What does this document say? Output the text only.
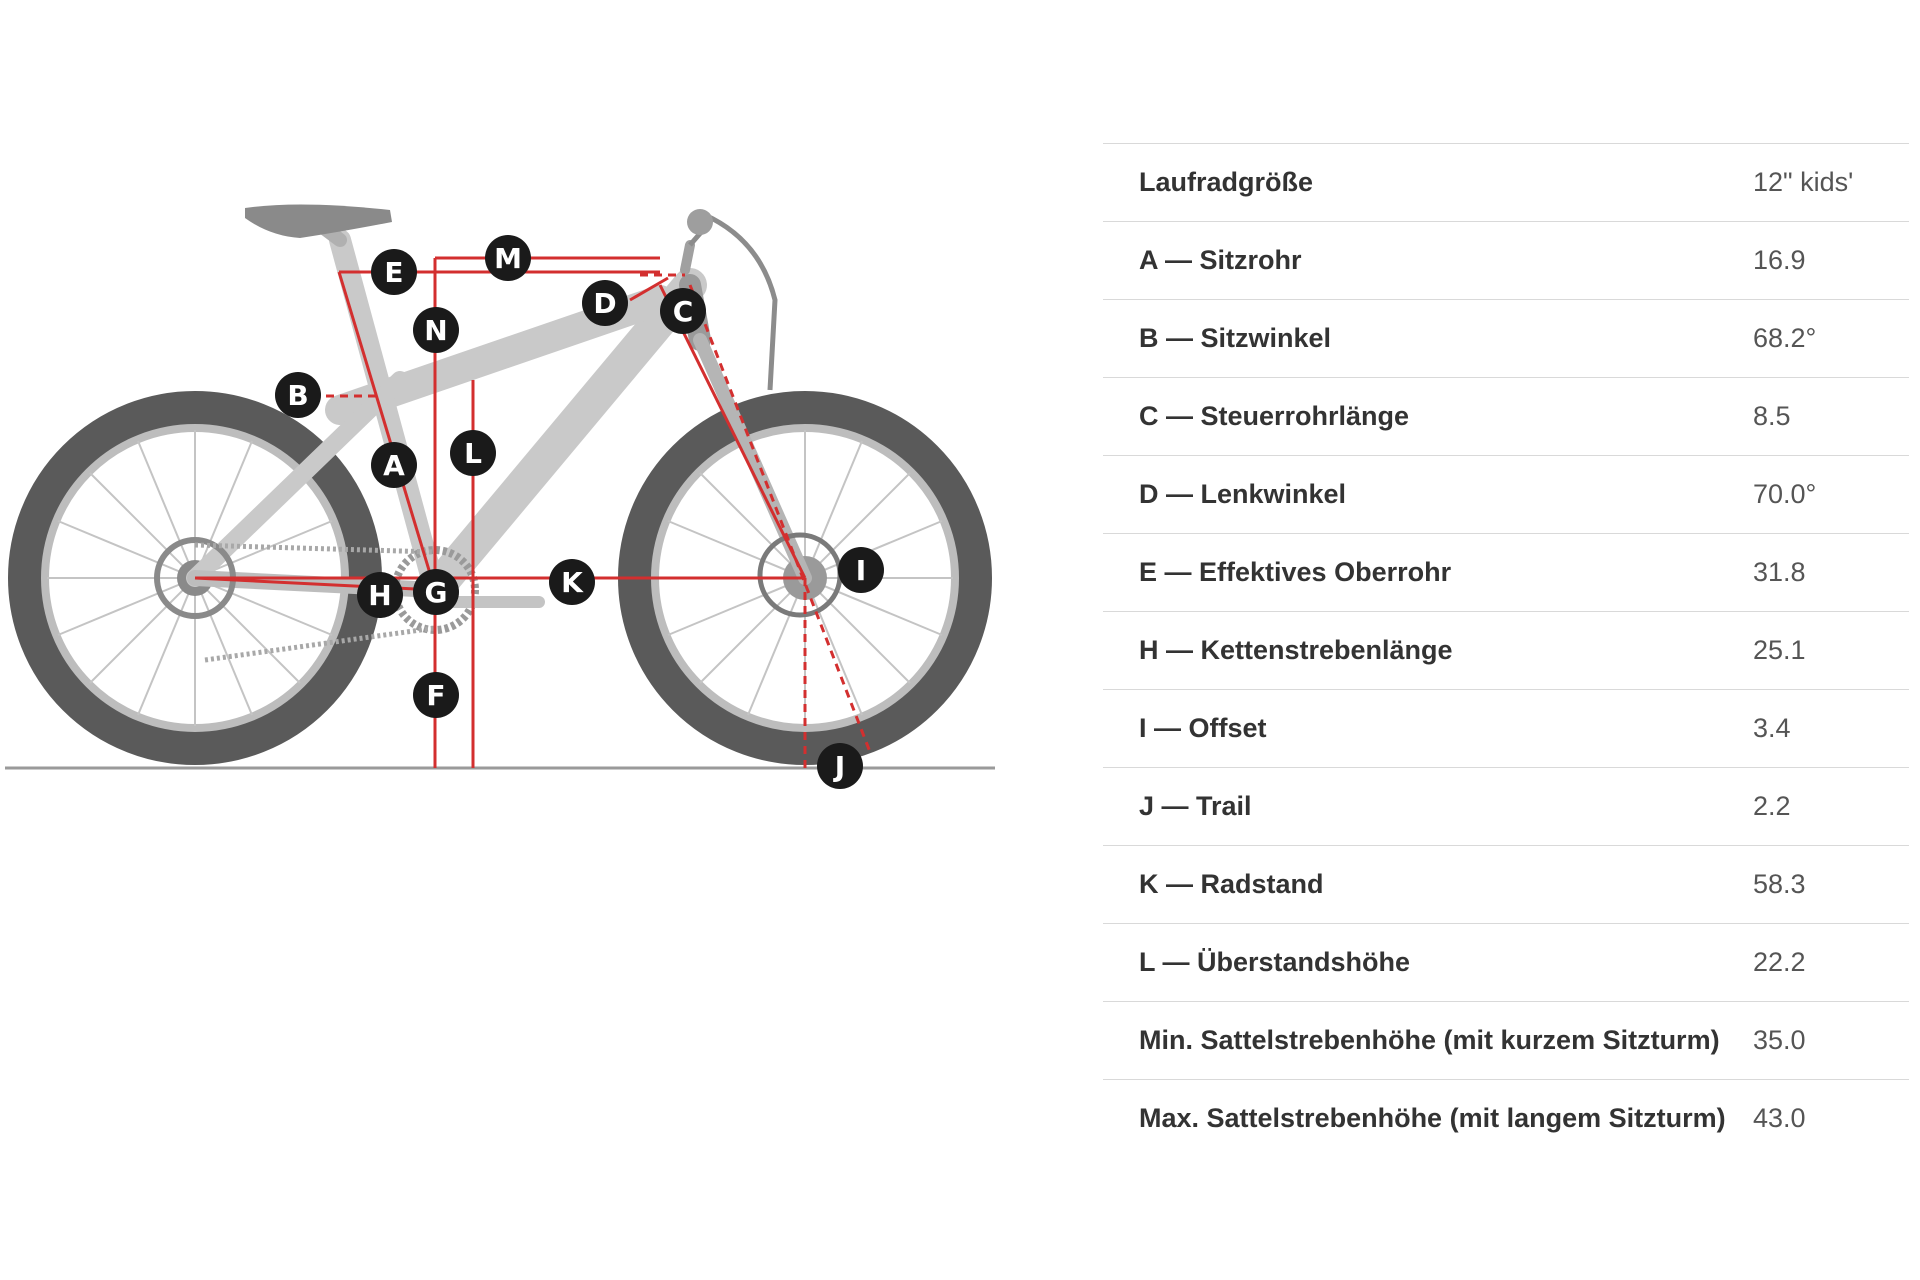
A
B
C
D
E
F
G
H
I
J
K
L
M
N
Laufradgröße	12" kids'
A — Sitzrohr	16.9
B — Sitzwinkel	68.2°
C — Steuerrohrlänge	8.5
D — Lenkwinkel	70.0°
E — Effektives Oberrohr	31.8
H — Kettenstrebenlänge	25.1
I — Offset	3.4
J — Trail	2.2
K — Radstand	58.3
L — Überstandshöhe	22.2
Min. Sattelstrebenhöhe (mit kurzem Sitzturm)	35.0
Max. Sattelstrebenhöhe (mit langem Sitzturm)	43.0
